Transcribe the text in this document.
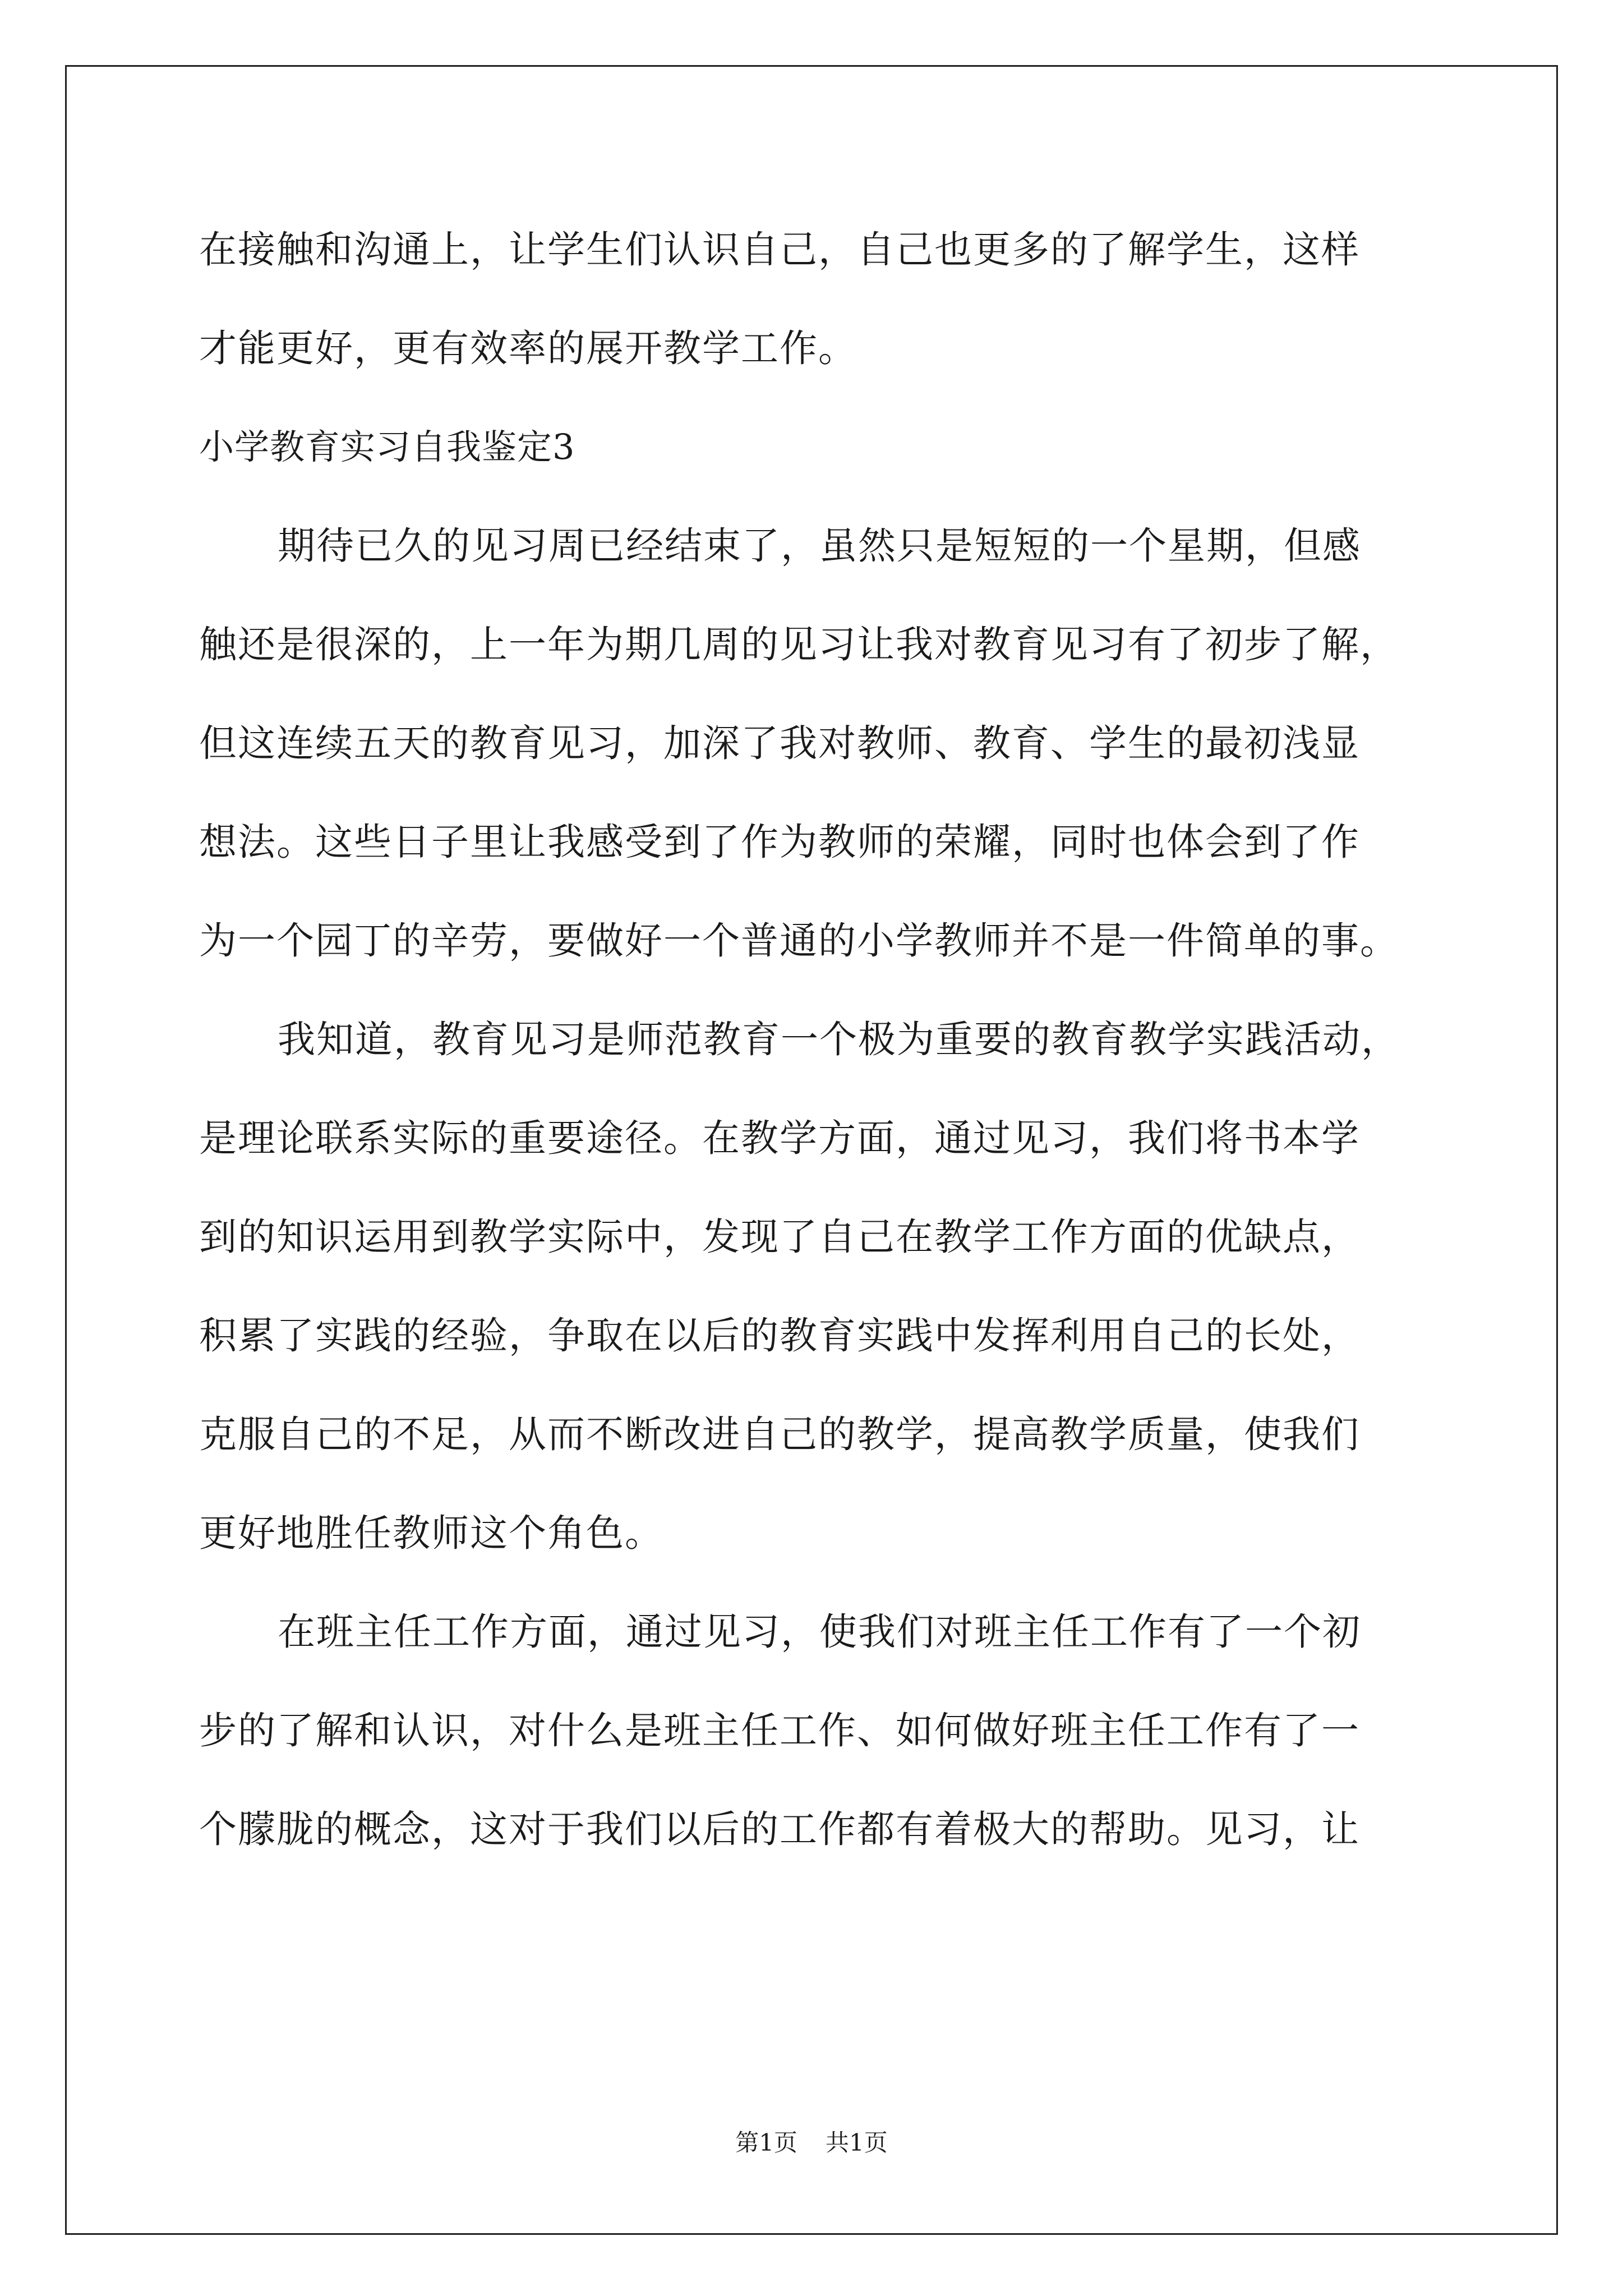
在接触和沟通上，让学生们认识自己，自己也更多的了解学生，这样
才能更好，更有效率的展开教学工作。
小学教育实习自我鉴定3
期待已久的见习周已经结束了，虽然只是短短的一个星期，但感
触还是很深的，上一年为期几周的见习让我对教育见习有了初步了解，
但这连续五天的教育见习，加深了我对教师、教育、学生的最初浅显
想法。这些日子里让我感受到了作为教师的荣耀，同时也体会到了作
为一个园丁的辛劳，要做好一个普通的小学教师并不是一件简单的事。
我知道，教育见习是师范教育一个极为重要的教育教学实践活动，
是理论联系实际的重要途径。在教学方面，通过见习，我们将书本学
到的知识运用到教学实际中，发现了自己在教学工作方面的优缺点，
积累了实践的经验，争取在以后的教育实践中发挥利用自己的长处，
克服自己的不足，从而不断改进自己的教学，提高教学质量，使我们
更好地胜任教师这个角色。
在班主任工作方面，通过见习，使我们对班主任工作有了一个初
步的了解和认识，对什么是班主任工作、如何做好班主任工作有了一
个朦胧的概念，这对于我们以后的工作都有着极大的帮助。见习，让
第1页 共1页
